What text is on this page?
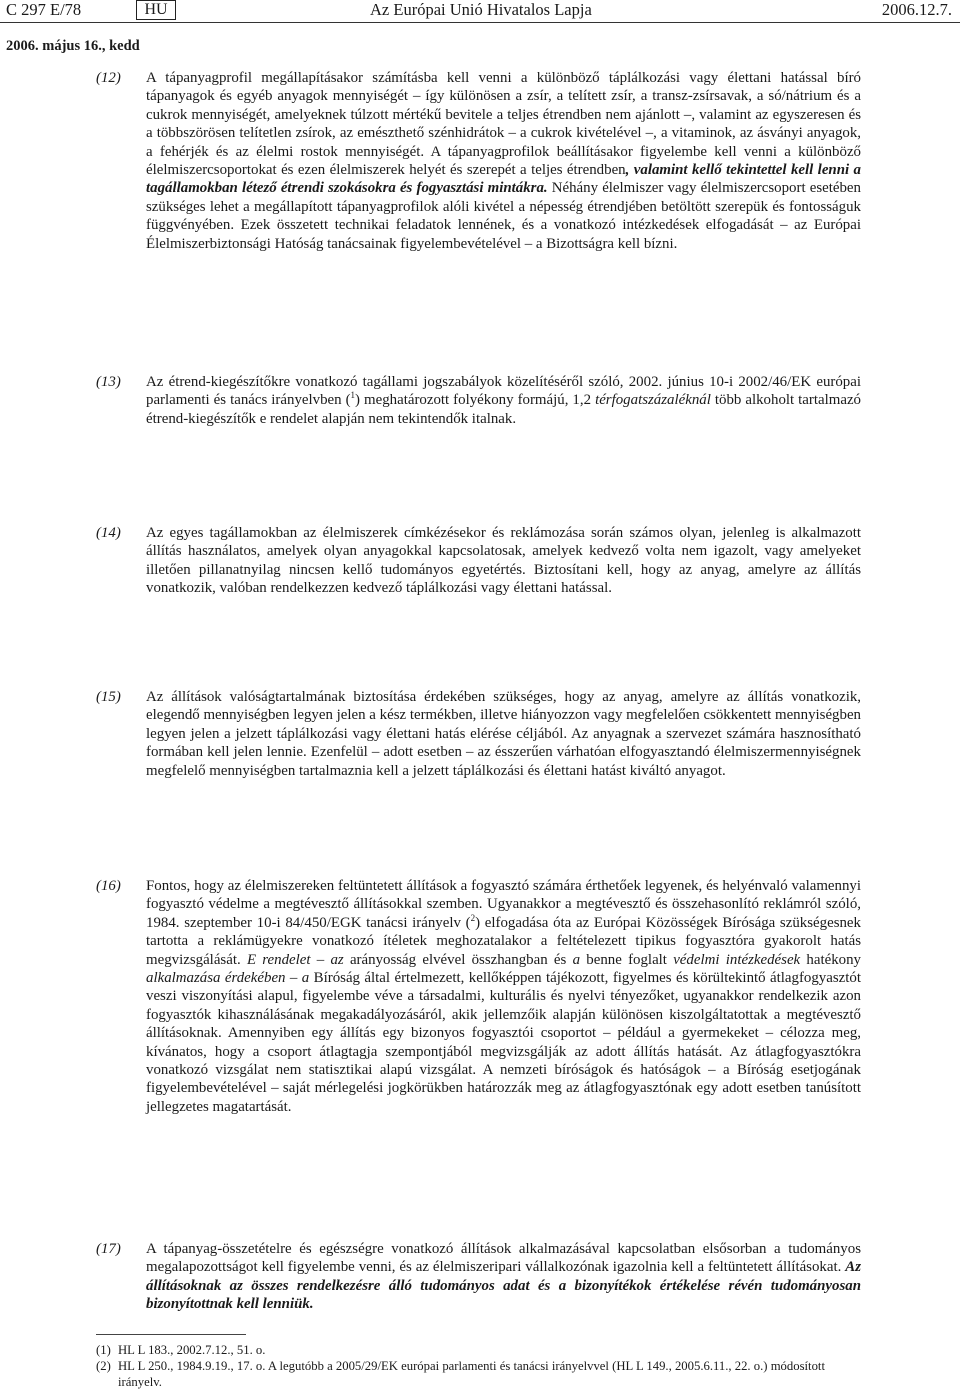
C 297 E/78	HU	Az Európai Unió Hivatalos Lapja	2006.12.7.
2006. május 16., kedd
(12) A tápanyagprofil megállapításakor számításba kell venni a különböző táplálkozási vagy élettani hatással bíró tápanyagok és egyéb anyagok mennyiségét – így különösen a zsír, a telített zsír, a transz-zsírsavak, a só/nátrium és a cukrok mennyiségét, amelyeknek túlzott mértékű bevitele a teljes étrendben nem ajánlott –, valamint az egyszeresen és a többszörösen telítetlen zsírok, az emészthető szénhidrátok – a cukrok kivételével –, a vitaminok, az ásványi anyagok, a fehérjék és az élelmi rostok mennyiségét. A tápanyagprofilok beállításakor figyelembe kell venni a különböző élelmiszercsoportokat és ezen élelmiszerek helyét és szerepét a teljes étrendben, valamint kellő tekintettel kell lenni a tagállamokban létező étrendi szokásokra és fogyasztási mintákra. Néhány élelmiszer vagy élelmiszercsoport esetében szükséges lehet a megállapított tápanyagprofilok alóli kivétel a népesség étrendjében betöltött szerepük és fontosságuk függvényében. Ezek összetett technikai feladatok lennének, és a vonatkozó intézkedések elfogadását – az Európai Élelmiszerbiztonsági Hatóság tanácsainak figyelembevételével – a Bizottságra kell bízni.
(13) Az étrend-kiegészítőkre vonatkozó tagállami jogszabályok közelítéséről szóló, 2002. június 10-i 2002/46/EK európai parlamenti és tanács irányelvben ($^1$) meghatározott folyékony formájú, 1,2 térfogatszázaléknál több alkoholt tartalmazó étrend-kiegészítők e rendelet alapján nem tekintendők italnak.
(14) Az egyes tagállamokban az élelmiszerek címkézésekor és reklámozása során számos olyan, jelenleg is alkalmazott állítás használatos, amelyek olyan anyagokkal kapcsolatosak, amelyek kedvező volta nem igazolt, vagy amelyeket illetően pillanatnyilag nincsen kellő tudományos egyetértés. Biztosítani kell, hogy az anyag, amelyre az állítás vonatkozik, valóban rendelkezzen kedvező táplálkozási vagy élettani hatással.
(15) Az állítások valóságtartalmának biztosítása érdekében szükséges, hogy az anyag, amelyre az állítás vonatkozik, elegendő mennyiségben legyen jelen a kész termékben, illetve hiányozzon vagy megfelelően csökkentett mennyiségben legyen jelen a jelzett táplálkozási vagy élettani hatás elérése céljából. Az anyagnak a szervezet számára hasznosítható formában kell jelen lennie. Ezenfelül – adott esetben – az ésszerűen várhatóan elfogyasztandó élelmiszermennyiségnek megfelelő mennyiségben tartalmaznia kell a jelzett táplálkozási és élettani hatást kiváltó anyagot.
(16) Fontos, hogy az élelmiszereken feltüntetett állítások a fogyasztó számára érthetőek legyenek, és helyénvaló valamennyi fogyasztó védelme a megtévesztő állításokkal szemben. Ugyanakkor a megtévesztő és összehasonlító reklámról szóló, 1984. szeptember 10-i 84/450/EGK tanácsi irányelv ($^2$) elfogadása óta az Európai Közösségek Bírósága szükségesnek tartotta a reklámügyekre vonatkozó ítéletek meghozatalakor a feltételezett tipikus fogyasztóra gyakorolt hatás megvizsgálását. E rendelet – az arányosság elvével összhangban és a benne foglalt védelmi intézkedések hatékony alkalmazása érdekében – a Bíróság által értelmezett, kellőképpen tájékozott, figyelmes és körültekintő átlagfogyasztót veszi viszonyítási alapul, figyelembe véve a társadalmi, kulturális és nyelvi tényezőket, ugyanakkor rendelkezik azon fogyasztók kihasználásának megakadályozásáról, akik jellemzőik alapján különösen kiszolgáltatottak a megtévesztő állításoknak. Amennyiben egy állítás egy bizonyos fogyasztói csoportot – például a gyermekeket – célozza meg, kívánatos, hogy a csoport átlagtagja szempontjából megvizsgálják az adott állítás hatását. Az átlagfogyasztókra vonatkozó vizsgálat nem statisztikai alapú vizsgálat. A nemzeti bíróságok és hatóságok – a Bíróság esetjogának figyelembevételével – saját mérlegelési jogkörükben határozzák meg az átlagfogyasztónak egy adott esetben tanúsított jellegzetes magatartását.
(17) A tápanyag-összetételre és egészségre vonatkozó állítások alkalmazásával kapcsolatban elsősorban a tudományos megalapozottságot kell figyelembe venni, és az élelmiszeripari vállalkozónak igazolnia kell a feltüntetett állításokat. Az állításoknak az összes rendelkezésre álló tudományos adat és a bizonyítékok értékelése révén tudományosan bizonyítottnak kell lenniük.
(1) HL L 183., 2002.7.12., 51. o.
(2) HL L 250., 1984.9.19., 17. o. A legutóbb a 2005/29/EK európai parlamenti és tanácsi irányelvvel (HL L 149., 2005.6.11., 22. o.) módosított irányelv.
